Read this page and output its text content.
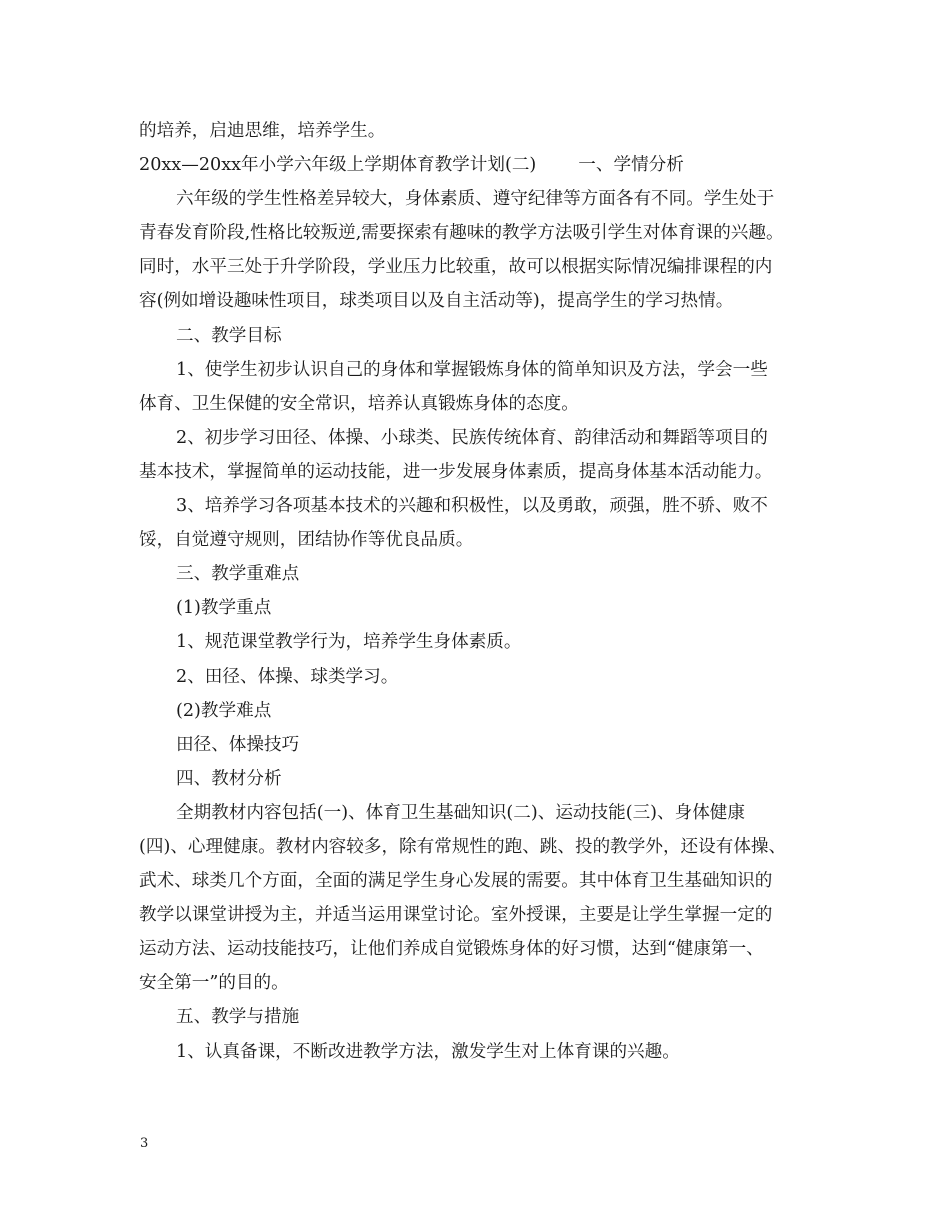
的培养，启迪思维，培养学生。
20xx—20xx年小学六年级上学期体育教学计划(二) 一、学情分析
六年级的学生性格差异较大，身体素质、遵守纪律等方面各有不同。学生处于
青春发育阶段,性格比较叛逆,需要探索有趣味的教学方法吸引学生对体育课的兴趣。
同时，水平三处于升学阶段，学业压力比较重，故可以根据实际情况编排课程的内
容(例如增设趣味性项目，球类项目以及自主活动等)，提高学生的学习热情。
二、教学目标
1、使学生初步认识自己的身体和掌握锻炼身体的简单知识及方法，学会一些
体育、卫生保健的安全常识，培养认真锻炼身体的态度。
2、初步学习田径、体操、小球类、民族传统体育、韵律活动和舞蹈等项目的
基本技术，掌握简单的运动技能，进一步发展身体素质，提高身体基本活动能力。
3、培养学习各项基本技术的兴趣和积极性，以及勇敢，顽强，胜不骄、败不
馁，自觉遵守规则，团结协作等优良品质。
三、教学重难点
(1)教学重点
1、规范课堂教学行为，培养学生身体素质。
2、田径、体操、球类学习。
(2)教学难点
田径、体操技巧
四、教材分析
全期教材内容包括(一)、体育卫生基础知识(二)、运动技能(三)、身体健康
(四)、心理健康。教材内容较多，除有常规性的跑、跳、投的教学外，还设有体操、
武术、球类几个方面，全面的满足学生身心发展的需要。其中体育卫生基础知识的
教学以课堂讲授为主，并适当运用课堂讨论。室外授课，主要是让学生掌握一定的
运动方法、运动技能技巧，让他们养成自觉锻炼身体的好习惯，达到“健康第一、
安全第一”的目的。
五、教学与措施
1、认真备课，不断改进教学方法，激发学生对上体育课的兴趣。
3
